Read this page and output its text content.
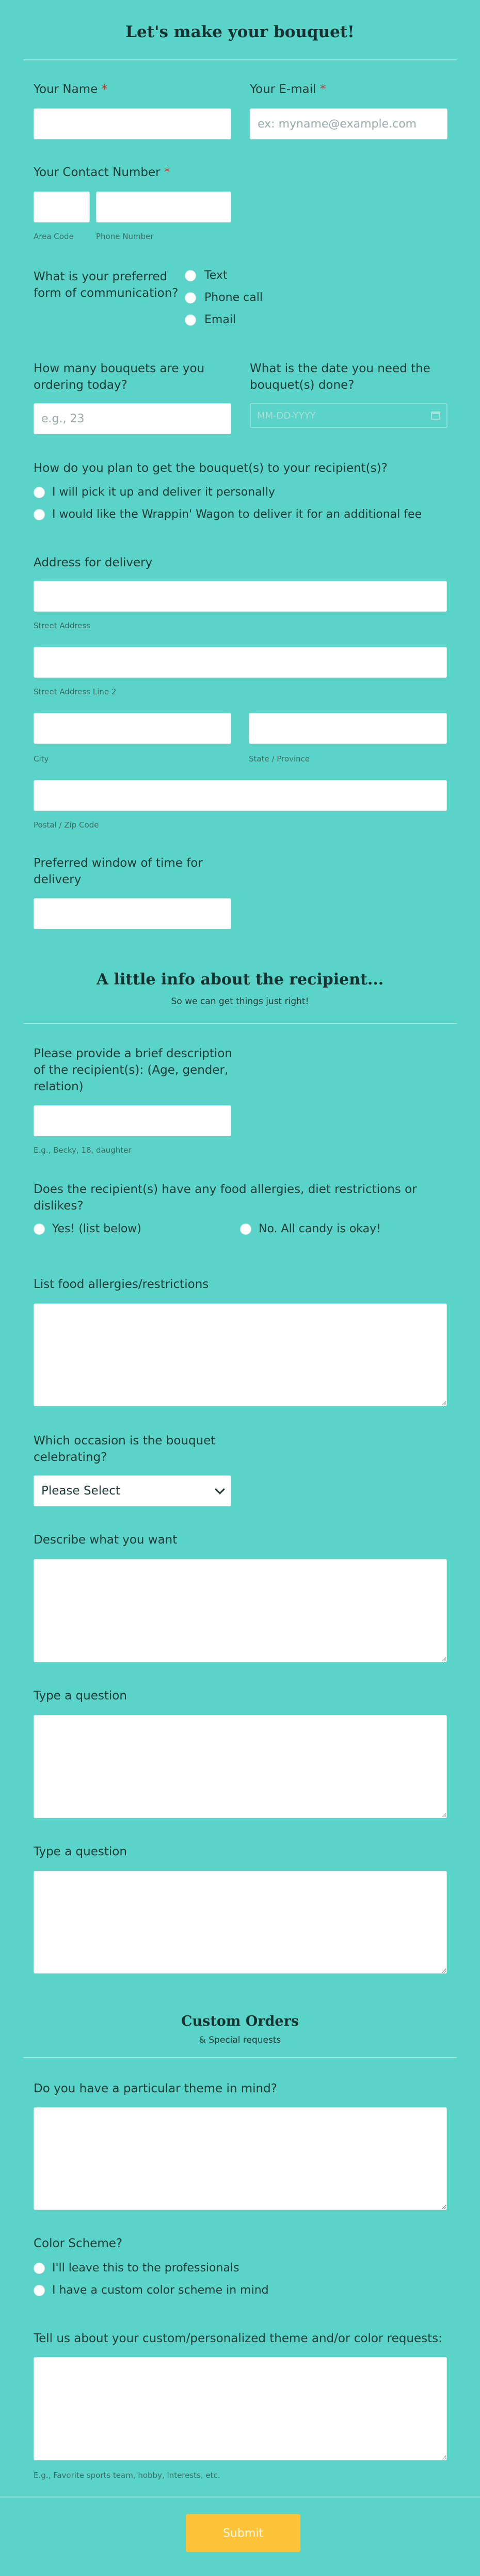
Let's make your bouquet!
Your Name *	Your E-mail *
ex: myname@example.com
Your Contact Number *
Area Code	Phone Number
What is your preferred form of communication?
Text
Phone call
Email
How many bouquets are you ordering today?
e.g., 23
What is the date you need the bouquet(s) done?
MM-DD-YYYY
How do you plan to get the bouquet(s) to your recipient(s)?
I will pick it up and deliver it personally
I would like the Wrappin' Wagon to deliver it for an additional fee
Address for delivery
Street Address
Street Address Line 2
City	State / Province
Postal / Zip Code
Preferred window of time for delivery
A little info about the recipient...
So we can get things just right!
Please provide a brief description of the recipient(s): (Age, gender, relation)
E.g., Becky, 18, daughter
Does the recipient(s) have any food allergies, diet restrictions or dislikes?
Yes! (list below)	No. All candy is okay!
List food allergies/restrictions
Which occasion is the bouquet celebrating?
Please Select
Describe what you want
Type a question
Type a question
Custom Orders
& Special requests
Do you have a particular theme in mind?
Color Scheme?
I'll leave this to the professionals
I have a custom color scheme in mind
Tell us about your custom/personalized theme and/or color requests:
E.g., Favorite sports team, hobby, interests, etc.
Submit
